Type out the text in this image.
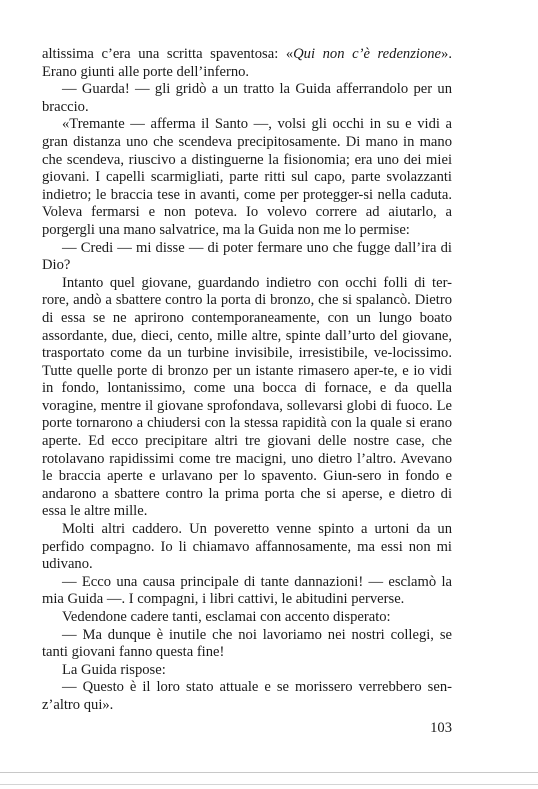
altissima c’era una scritta spaventosa: «Qui non c’è redenzione». Erano giunti alle porte dell’inferno.

— Guarda! — gli gridò a un tratto la Guida afferrandolo per un braccio.

«Tremante — afferma il Santo —, volsi gli occhi in su e vidi a gran distanza uno che scendeva precipitosamente. Di mano in mano che scendeva, riuscivo a distinguerne la fisionomia; era uno dei miei giovani. I capelli scarmigliati, parte ritti sul capo, parte svolazzanti indietro; le braccia tese in avanti, come per protegger-si nella caduta. Voleva fermarsi e non poteva. Io volevo correre ad aiutarlo, a porgergli una mano salvatrice, ma la Guida non me lo permise:

— Credi — mi disse — di poter fermare uno che fugge dall’ira di Dio?

Intanto quel giovane, guardando indietro con occhi folli di ter-rore, andò a sbattere contro la porta di bronzo, che si spalancò. Dietro di essa se ne aprirono contemporaneamente, con un lungo boato assordante, due, dieci, cento, mille altre, spinte dall’urto del giovane, trasportato come da un turbine invisibile, irresistibile, ve-locissimo. Tutte quelle porte di bronzo per un istante rimasero aper-te, e io vidi in fondo, lontanissimo, come una bocca di fornace, e da quella voragine, mentre il giovane sprofondava, sollevarsi globi di fuoco. Le porte tornarono a chiudersi con la stessa rapidità con la quale si erano aperte. Ed ecco precipitare altri tre giovani delle nostre case, che rotolavano rapidissimi come tre macigni, uno dietro l’altro. Avevano le braccia aperte e urlavano per lo spavento. Giun-sero in fondo e andarono a sbattere contro la prima porta che si aperse, e dietro di essa le altre mille.

Molti altri caddero. Un poveretto venne spinto a urtoni da un perfido compagno. Io li chiamavo affannosamente, ma essi non mi udivano.

— Ecco una causa principale di tante dannazioni! — esclamò la mia Guida —. I compagni, i libri cattivi, le abitudini perverse.

Vedendone cadere tanti, esclamai con accento disperato:

— Ma dunque è inutile che noi lavoriamo nei nostri collegi, se tanti giovani fanno questa fine!

La Guida rispose:

— Questo è il loro stato attuale e se morissero verrebbero sen-z’altro qui».

103
